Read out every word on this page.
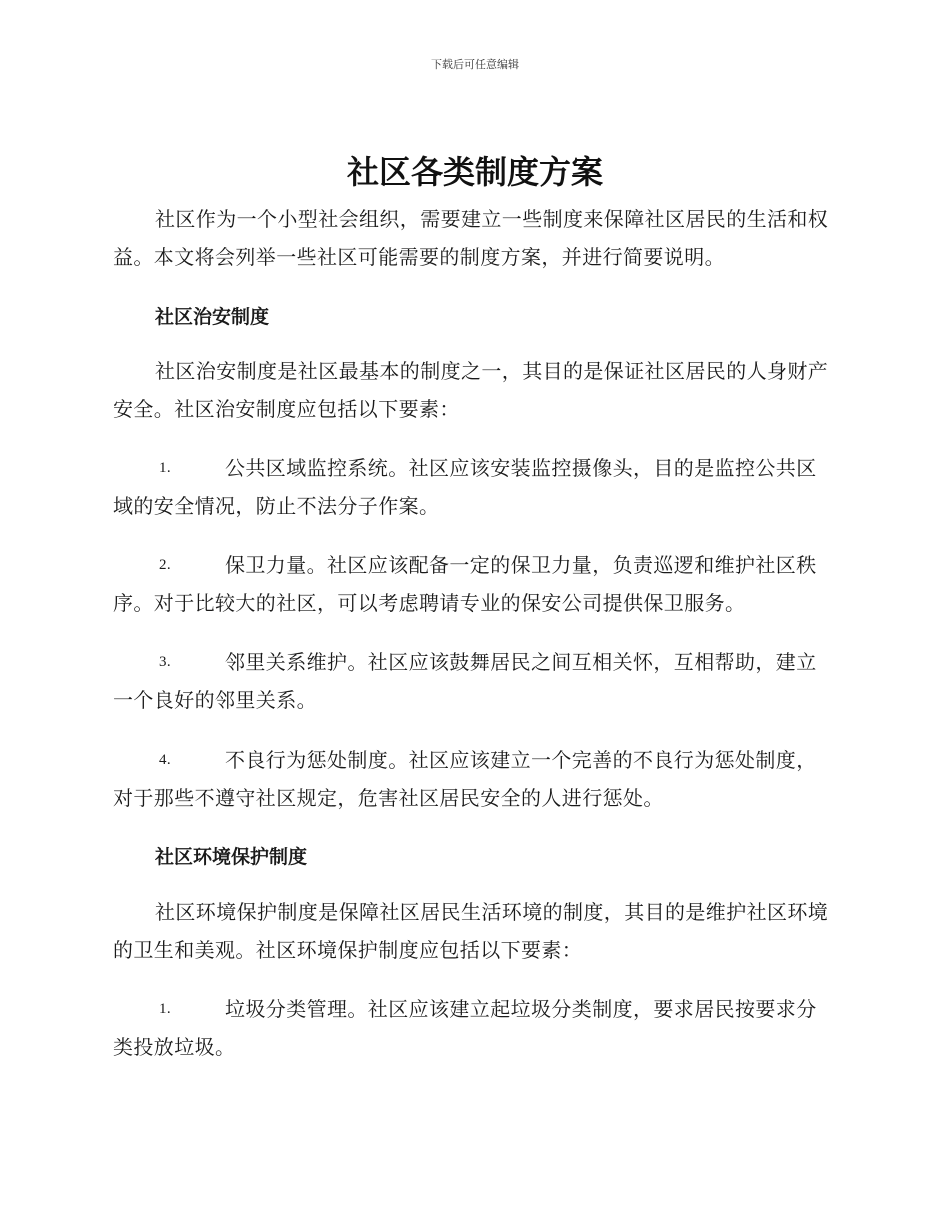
下载后可任意编辑
社区各类制度方案

社区作为一个小型社会组织，需要建立一些制度来保障社区居民的生活和权益。本文将会列举一些社区可能需要的制度方案，并进行简要说明。

社区治安制度

社区治安制度是社区最基本的制度之一，其目的是保证社区居民的人身财产安全。社区治安制度应包括以下要素：

1.	公共区域监控系统。社区应该安装监控摄像头，目的是监控公共区域的安全情况，防止不法分子作案。

2.	保卫力量。社区应该配备一定的保卫力量，负责巡逻和维护社区秩序。对于比较大的社区，可以考虑聘请专业的保安公司提供保卫服务。

3.	邻里关系维护。社区应该鼓舞居民之间互相关怀，互相帮助，建立一个良好的邻里关系。

4.	不良行为惩处制度。社区应该建立一个完善的不良行为惩处制度，对于那些不遵守社区规定，危害社区居民安全的人进行惩处。

社区环境保护制度

社区环境保护制度是保障社区居民生活环境的制度，其目的是维护社区环境的卫生和美观。社区环境保护制度应包括以下要素：

1.	垃圾分类管理。社区应该建立起垃圾分类制度，要求居民按要求分类投放垃圾。
